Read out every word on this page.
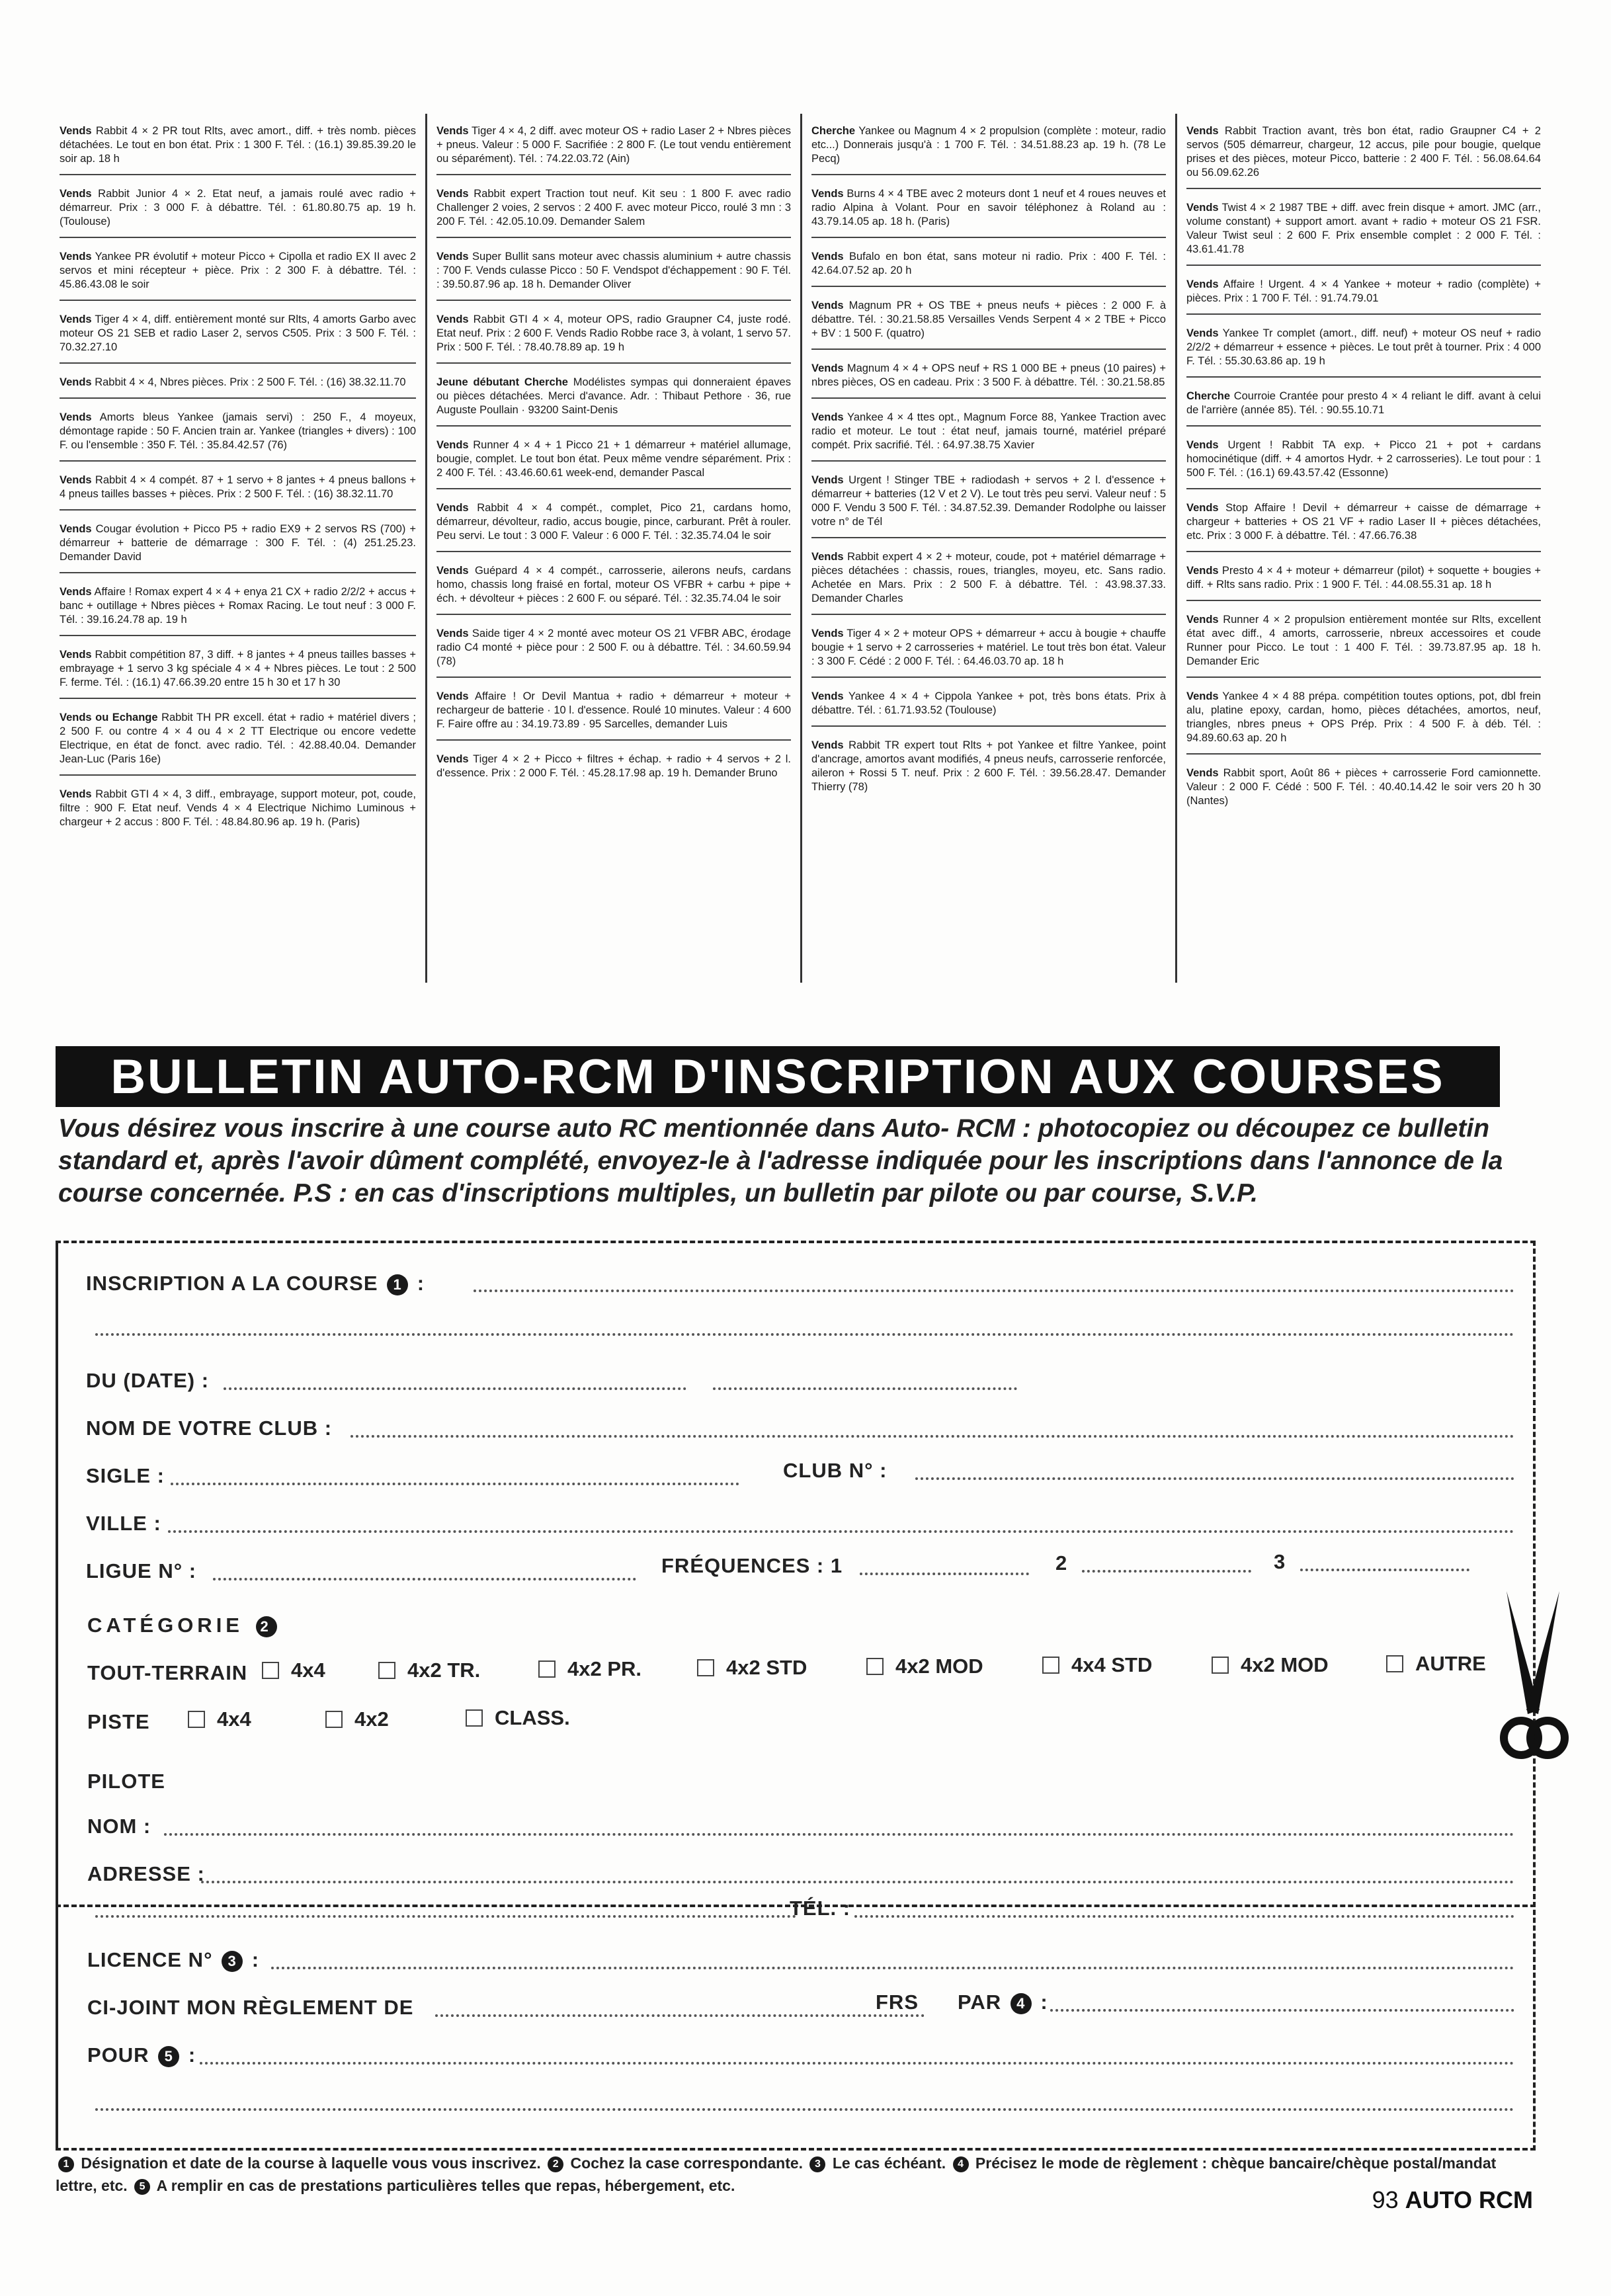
Vends Rabbit 4 × 2 PR tout Rlts, avec amort., diff. + très nomb. pièces détachées. Le tout en bon état. Prix : 1 300 F. Tél. : (16.1) 39.85.39.20 le soir ap. 18 h
Vends Rabbit Junior 4 × 2. Etat neuf, a jamais roulé avec radio + démarreur. Prix : 3 000 F. à débattre. Tél. : 61.80.80.75 ap. 19 h. (Toulouse)
Vends Yankee PR évolutif + moteur Picco + Cipolla et radio EX II avec 2 servos et mini récepteur + pièce. Prix : 2 300 F. à débattre. Tél. : 45.86.43.08 le soir
Vends Tiger 4 × 4, diff. entièrement monté sur Rlts, 4 amorts Garbo avec moteur OS 21 SEB et radio Laser 2, servos C505. Prix : 3 500 F. Tél. : 70.32.27.10
Vends Rabbit 4 × 4, Nbres pièces. Prix : 2 500 F. Tél. : (16) 38.32.11.70
Vends Amorts bleus Yankee (jamais servi) : 250 F., 4 moyeux, démontage rapide : 50 F. Ancien train ar. Yankee (triangles + divers) : 100 F. ou l'ensemble : 350 F. Tél. : 35.84.42.57 (76)
Vends Rabbit 4 × 4 compét. 87 + 1 servo + 8 jantes + 4 pneus ballons + 4 pneus tailles basses + pièces. Prix : 2 500 F. Tél. : (16) 38.32.11.70
Vends Cougar évolution + Picco P5 + radio EX9 + 2 servos RS (700) + démarreur + batterie de démarrage : 300 F. Tél. : (4) 251.25.23. Demander David
Vends Affaire ! Romax expert 4 × 4 + enya 21 CX + radio 2/2/2 + accus + banc + outillage + Nbres pièces + Romax Racing. Le tout neuf : 3 000 F. Tél. : 39.16.24.78 ap. 19 h
Vends Rabbit compétition 87, 3 diff. + 8 jantes + 4 pneus tailles basses + embrayage + 1 servo 3 kg spéciale 4 × 4 + Nbres pièces. Le tout : 2 500 F. ferme. Tél. : (16.1) 47.66.39.20 entre 15 h 30 et 17 h 30
Vends ou Echange Rabbit TH PR excell. état + radio + matériel divers ; 2 500 F. ou contre 4 × 4 ou 4 × 2 TT Electrique ou encore vedette Electrique, en état de fonct. avec radio. Tél. : 42.88.40.04. Demander Jean-Luc (Paris 16e)
Vends Rabbit GTI 4 × 4, 3 diff., embrayage, support moteur, pot, coude, filtre : 900 F. Etat neuf. Vends 4 × 4 Electrique Nichimo Luminous + chargeur + 2 accus : 800 F. Tél. : 48.84.80.96 ap. 19 h. (Paris)
Vends Tiger 4 × 4, 2 diff. avec moteur OS + radio Laser 2 + Nbres pièces + pneus. Valeur : 5 000 F. Sacrifiée : 2 800 F. (Le tout vendu entièrement ou séparément). Tél. : 74.22.03.72 (Ain)
Vends Rabbit expert Traction tout neuf. Kit seu : 1 800 F. avec radio Challenger 2 voies, 2 servos : 2 400 F. avec moteur Picco, roulé 3 mn : 3 200 F. Tél. : 42.05.10.09. Demander Salem
Vends Super Bullit sans moteur avec chassis aluminium + autre chassis : 700 F. Vends culasse Picco : 50 F. Vendspot d'échappement : 90 F. Tél. : 39.50.87.96 ap. 18 h. Demander Oliver
Vends Rabbit GTI 4 × 4, moteur OPS, radio Graupner C4, juste rodé. Etat neuf. Prix : 2 600 F. Vends Radio Robbe race 3, à volant, 1 servo 57. Prix : 500 F. Tél. : 78.40.78.89 ap. 19 h
Jeune débutant Cherche Modélistes sympas qui donneraient épaves ou pièces détachées. Merci d'avance. Adr. : Thibaut Pethore · 36, rue Auguste Poullain · 93200 Saint-Denis
Vends Runner 4 × 4 + 1 Picco 21 + 1 démarreur + matériel allumage, bougie, complet. Le tout bon état. Peux même vendre séparément. Prix : 2 400 F. Tél. : 43.46.60.61 week-end, demander Pascal
Vends Rabbit 4 × 4 compét., complet, Pico 21, cardans homo, démarreur, dévolteur, radio, accus bougie, pince, carburant. Prêt à rouler. Peu servi. Le tout : 3 000 F. Valeur : 6 000 F. Tél. : 32.35.74.04 le soir
Vends Guépard 4 × 4 compét., carrosserie, ailerons neufs, cardans homo, chassis long fraisé en fortal, moteur OS VFBR + carbu + pipe + éch. + dévolteur + pièces : 2 600 F. ou séparé. Tél. : 32.35.74.04 le soir
Vends Saide tiger 4 × 2 monté avec moteur OS 21 VFBR ABC, érodage radio C4 monté + pièce pour : 2 500 F. ou à débattre. Tél. : 34.60.59.94 (78)
Vends Affaire ! Or Devil Mantua + radio + démarreur + moteur + rechargeur de batterie · 10 l. d'essence. Roulé 10 minutes. Valeur : 4 600 F. Faire offre au : 34.19.73.89 · 95 Sarcelles, demander Luis
Vends Tiger 4 × 2 + Picco + filtres + échap. + radio + 4 servos + 2 l. d'essence. Prix : 2 000 F. Tél. : 45.28.17.98 ap. 19 h. Demander Bruno
Cherche Yankee ou Magnum 4 × 2 propulsion (complète : moteur, radio etc...) Donnerais jusqu'à : 1 700 F. Tél. : 34.51.88.23 ap. 19 h. (78 Le Pecq)
Vends Burns 4 × 4 TBE avec 2 moteurs dont 1 neuf et 4 roues neuves et radio Alpina à Volant. Pour en savoir téléphonez à Roland au : 43.79.14.05 ap. 18 h. (Paris)
Vends Bufalo en bon état, sans moteur ni radio. Prix : 400 F. Tél. : 42.64.07.52 ap. 20 h
Vends Magnum PR + OS TBE + pneus neufs + pièces : 2 000 F. à débattre. Tél. : 30.21.58.85 Versailles Vends Serpent 4 × 2 TBE + Picco + BV : 1 500 F. (quatro)
Vends Magnum 4 × 4 + OPS neuf + RS 1 000 BE + pneus (10 paires) + nbres pièces, OS en cadeau. Prix : 3 500 F. à débattre. Tél. : 30.21.58.85
Vends Yankee 4 × 4 ttes opt., Magnum Force 88, Yankee Traction avec radio et moteur. Le tout : état neuf, jamais tourné, matériel préparé compét. Prix sacrifié. Tél. : 64.97.38.75 Xavier
Vends Urgent ! Stinger TBE + radiodash + servos + 2 l. d'essence + démarreur + batteries (12 V et 2 V). Le tout très peu servi. Valeur neuf : 5 000 F. Vendu 3 500 F. Tél. : 34.87.52.39. Demander Rodolphe ou laisser votre n° de Tél
Vends Rabbit expert 4 × 2 + moteur, coude, pot + matériel démarrage + pièces détachées : chassis, roues, triangles, moyeu, etc. Sans radio. Achetée en Mars. Prix : 2 500 F. à débattre. Tél. : 43.98.37.33. Demander Charles
Vends Tiger 4 × 2 + moteur OPS + démarreur + accu à bougie + chauffe bougie + 1 servo + 2 carrosseries + matériel. Le tout très bon état. Valeur : 3 300 F. Cédé : 2 000 F. Tél. : 64.46.03.70 ap. 18 h
Vends Yankee 4 × 4 + Cippola Yankee + pot, très bons états. Prix à débattre. Tél. : 61.71.93.52 (Toulouse)
Vends Rabbit TR expert tout Rlts + pot Yankee et filtre Yankee, point d'ancrage, amortos avant modifiés, 4 pneus neufs, carrosserie renforcée, aileron + Rossi 5 T. neuf. Prix : 2 600 F. Tél. : 39.56.28.47. Demander Thierry (78)
Vends Rabbit Traction avant, très bon état, radio Graupner C4 + 2 servos (505 démarreur, chargeur, 12 accus, pile pour bougie, quelque prises et des pièces, moteur Picco, batterie : 2 400 F. Tél. : 56.08.64.64 ou 56.09.62.26
Vends Twist 4 × 2 1987 TBE + diff. avec frein disque + amort. JMC (arr., volume constant) + support amort. avant + radio + moteur OS 21 FSR. Valeur Twist seul : 2 600 F. Prix ensemble complet : 2 000 F. Tél. : 43.61.41.78
Vends Affaire ! Urgent. 4 × 4 Yankee + moteur + radio (complète) + pièces. Prix : 1 700 F. Tél. : 91.74.79.01
Vends Yankee Tr complet (amort., diff. neuf) + moteur OS neuf + radio 2/2/2 + démarreur + essence + pièces. Le tout prêt à tourner. Prix : 4 000 F. Tél. : 55.30.63.86 ap. 19 h
Cherche Courroie Crantée pour presto 4 × 4 reliant le diff. avant à celui de l'arrière (année 85). Tél. : 90.55.10.71
Vends Urgent ! Rabbit TA exp. + Picco 21 + pot + cardans homocinétique (diff. + 4 amortos Hydr. + 2 carrosseries). Le tout pour : 1 500 F. Tél. : (16.1) 69.43.57.42 (Essonne)
Vends Stop Affaire ! Devil + démarreur + caisse de démarrage + chargeur + batteries + OS 21 VF + radio Laser II + pièces détachées, etc. Prix : 3 000 F. à débattre. Tél. : 47.66.76.38
Vends Presto 4 × 4 + moteur + démarreur (pilot) + soquette + bougies + diff. + Rlts sans radio. Prix : 1 900 F. Tél. : 44.08.55.31 ap. 18 h
Vends Runner 4 × 2 propulsion entièrement montée sur Rlts, excellent état avec diff., 4 amorts, carrosserie, nbreux accessoires et coude Runner pour Picco. Le tout : 1 400 F. Tél. : 39.73.87.95 ap. 18 h. Demander Eric
Vends Yankee 4 × 4 88 prépa. compétition toutes options, pot, dbl frein alu, platine epoxy, cardan, homo, pièces détachées, amortos, neuf, triangles, nbres pneus + OPS Prép. Prix : 4 500 F. à déb. Tél. : 94.89.60.63 ap. 20 h
Vends Rabbit sport, Août 86 + pièces + carrosserie Ford camionnette. Valeur : 2 000 F. Cédé : 500 F. Tél. : 40.40.14.42 le soir vers 20 h 30 (Nantes)
BULLETIN AUTO-RCM D'INSCRIPTION AUX COURSES
Vous désirez vous inscrire à une course auto RC mentionnée dans Auto- RCM : photocopiez ou découpez ce bulletin standard et, après l'avoir dûment complété, envoyez-le à l'adresse indiquée pour les inscriptions dans l'annonce de la course concernée. P.S : en cas d'inscriptions multiples, un bulletin par pilote ou par course, S.V.P.
INSCRIPTION A LA COURSE 1 :
DU (DATE) :
NOM DE VOTRE CLUB :
SIGLE :	CLUB N° :
VILLE :
LIGUE N° :	FRÉQUENCES : 1	2	3
CATÉGORIE 2
TOUT-TERRAIN 4x4	4x2 TR.	4x2 PR.	4x2 STD	4x2 MOD	4x4 STD	4x2 MOD	AUTRE
PISTE	4x4	4x2	CLASS.
PILOTE
NOM :
ADRESSE :
TÉL. :
LICENCE N° 3 :
CI-JOINT MON RÈGLEMENT DE	FRS PAR 4 :
POUR 5 :
1 Désignation et date de la course à laquelle vous vous inscrivez. 2 Cochez la case correspondante. 3 Le cas échéant. 4 Précisez le mode de règlement : chèque bancaire/chèque postal/mandat lettre, etc. 5 A remplir en cas de prestations particulières telles que repas, hébergement, etc.
93 AUTO RCM
